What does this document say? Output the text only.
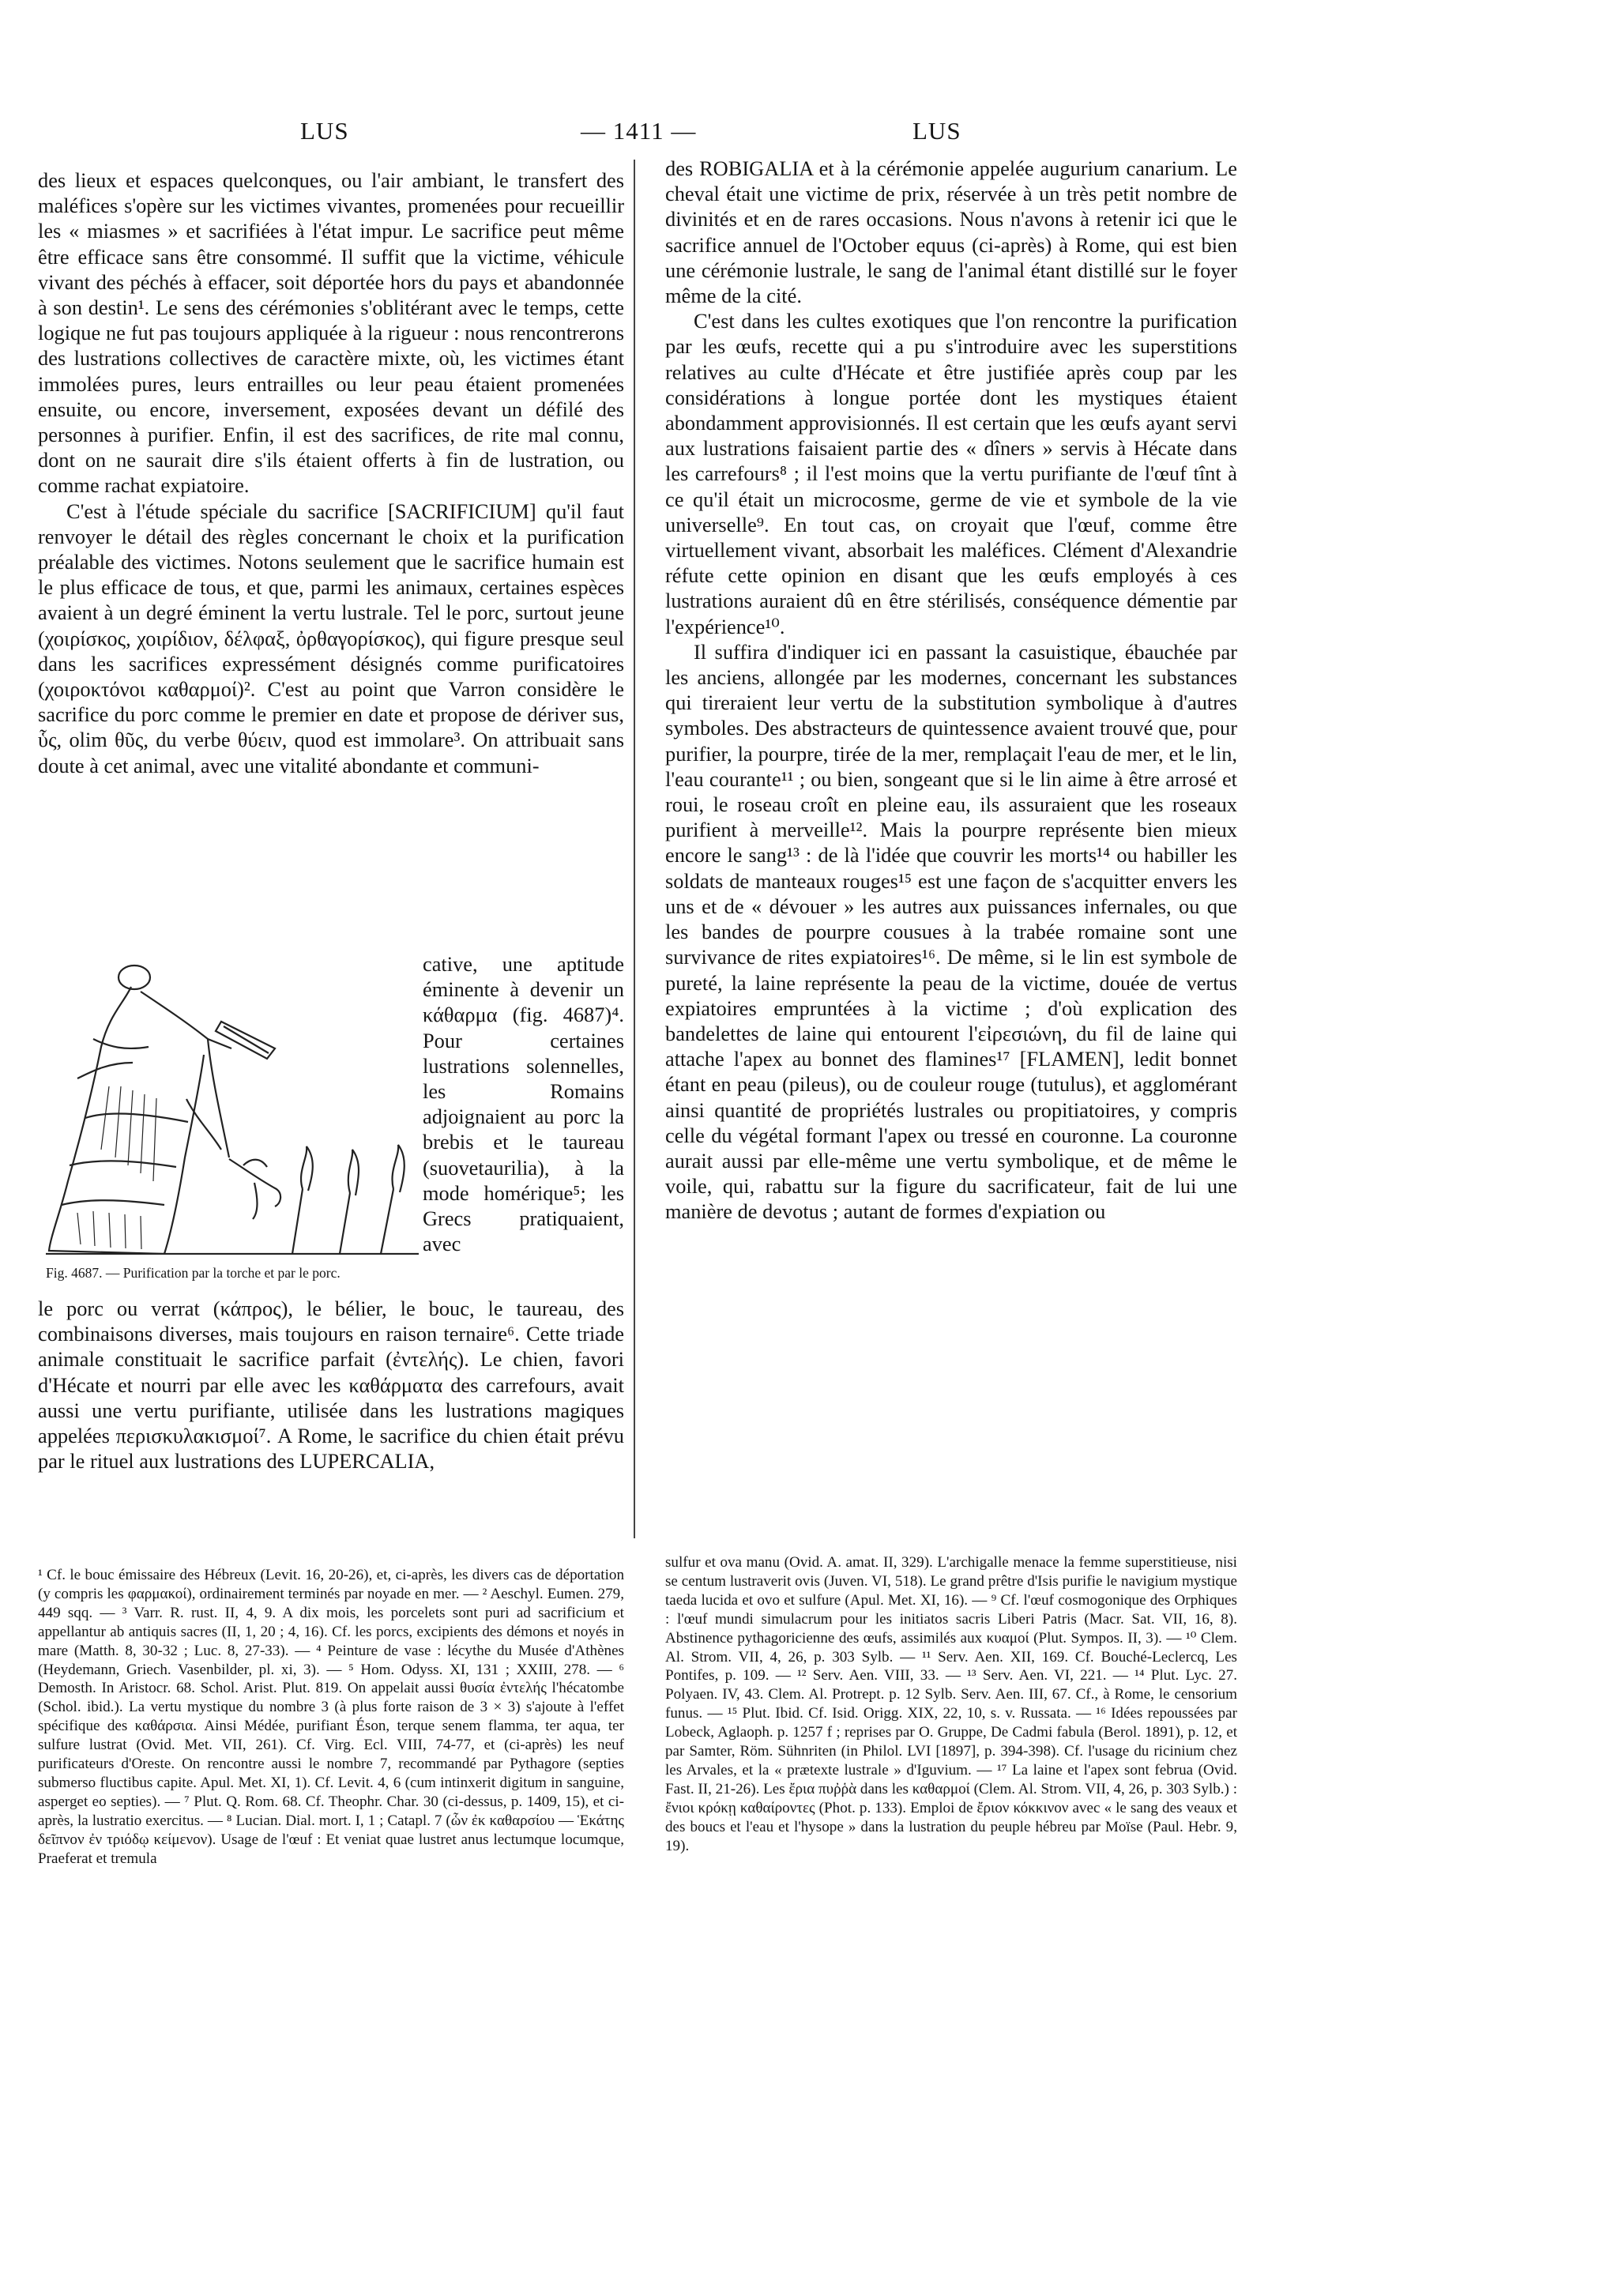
LUS	— 1411 —	LUS

des lieux et espaces quelconques, ou l'air ambiant, le transfert des maléfices s'opère sur les victimes vivantes, promenées pour recueillir les « miasmes » et sacrifiées à l'état impur. Le sacrifice peut même être efficace sans être consommé. Il suffit que la victime, véhicule vivant des péchés à effacer, soit déportée hors du pays et abandonnée à son destin¹. Le sens des cérémonies s'oblitérant avec le temps, cette logique ne fut pas toujours appliquée à la rigueur : nous rencontrerons des lustrations collectives de caractère mixte, où, les victimes étant immolées pures, leurs entrailles ou leur peau étaient promenées ensuite, ou encore, inversement, exposées devant un défilé des personnes à purifier. Enfin, il est des sacrifices, de rite mal connu, dont on ne saurait dire s'ils étaient offerts à fin de lustration, ou comme rachat expiatoire.

C'est à l'étude spéciale du sacrifice [SACRIFICIUM] qu'il faut renvoyer le détail des règles concernant le choix et la purification préalable des victimes. Notons seulement que le sacrifice humain est le plus efficace de tous, et que, parmi les animaux, certaines espèces avaient à un degré éminent la vertu lustrale. Tel le porc, surtout jeune (χοιρίσκος, χοιρίδιον, δέλφαξ, ὀρθαγορίσκος), qui figure presque seul dans les sacrifices expressément désignés comme purificatoires (χοιροκτόνοι καθαρμοί)². C'est au point que Varron considère le sacrifice du porc comme le premier en date et propose de dériver sus, ὗς, olim θῦς, du verbe θύειν, quod est immolare³. On attribuait sans doute à cet animal, avec une vitalité abondante et communi-

Fig. 4687. — Purification par la torche et par le porc.
cative, une aptitude éminente à devenir un κάθαρμα (fig. 4687)⁴. Pour certaines lustrations solennelles, les Romains adjoignaient au porc la brebis et le taureau (suovetaurilia), à la mode homérique⁵; les Grecs pratiquaient, avec

le porc ou verrat (κάπρος), le bélier, le bouc, le taureau, des combinaisons diverses, mais toujours en raison ternaire⁶. Cette triade animale constituait le sacrifice parfait (ἐντελής). Le chien, favori d'Hécate et nourri par elle avec les καθάρματα des carrefours, avait aussi une vertu purifiante, utilisée dans les lustrations magiques appelées περισκυλακισμοί⁷. A Rome, le sacrifice du chien était prévu par le rituel aux lustrations des LUPERCALIA,

des ROBIGALIA et à la cérémonie appelée augurium canarium. Le cheval était une victime de prix, réservée à un très petit nombre de divinités et en de rares occasions. Nous n'avons à retenir ici que le sacrifice annuel de l'October equus (ci-après) à Rome, qui est bien une cérémonie lustrale, le sang de l'animal étant distillé sur le foyer même de la cité.

C'est dans les cultes exotiques que l'on rencontre la purification par les œufs, recette qui a pu s'introduire avec les superstitions relatives au culte d'Hécate et être justifiée après coup par les considérations à longue portée dont les mystiques étaient abondamment approvisionnés. Il est certain que les œufs ayant servi aux lustrations faisaient partie des « dîners » servis à Hécate dans les carrefours⁸ ; il l'est moins que la vertu purifiante de l'œuf tînt à ce qu'il était un microcosme, germe de vie et symbole de la vie universelle⁹. En tout cas, on croyait que l'œuf, comme être virtuellement vivant, absorbait les maléfices. Clément d'Alexandrie réfute cette opinion en disant que les œufs employés à ces lustrations auraient dû en être stérilisés, conséquence démentie par l'expérience¹⁰.

Il suffira d'indiquer ici en passant la casuistique, ébauchée par les anciens, allongée par les modernes, concernant les substances qui tireraient leur vertu de la substitution symbolique à d'autres symboles. Des abstracteurs de quintessence avaient trouvé que, pour purifier, la pourpre, tirée de la mer, remplaçait l'eau de mer, et le lin, l'eau courante¹¹ ; ou bien, songeant que si le lin aime à être arrosé et roui, le roseau croît en pleine eau, ils assuraient que les roseaux purifient à merveille¹². Mais la pourpre représente bien mieux encore le sang¹³ : de là l'idée que couvrir les morts¹⁴ ou habiller les soldats de manteaux rouges¹⁵ est une façon de s'acquitter envers les uns et de « dévouer » les autres aux puissances infernales, ou que les bandes de pourpre cousues à la trabée romaine sont une survivance de rites expiatoires¹⁶. De même, si le lin est symbole de pureté, la laine représente la peau de la victime, douée de vertus expiatoires empruntées à la victime ; d'où explication des bandelettes de laine qui entourent l'εἰρεσιώνη, du fil de laine qui attache l'apex au bonnet des flamines¹⁷ [FLAMEN], ledit bonnet étant en peau (pileus), ou de couleur rouge (tutulus), et agglomérant ainsi quantité de propriétés lustrales ou propitiatoires, y compris celle du végétal formant l'apex ou tressé en couronne. La couronne aurait aussi par elle-même une vertu symbolique, et de même le voile, qui, rabattu sur la figure du sacrificateur, fait de lui une manière de devotus ; autant de formes d'expiation ou

¹ Cf. le bouc émissaire des Hébreux (Levit. 16, 20-26), et, ci-après, les divers cas de déportation (y compris les φαρμακοί), ordinairement terminés par noyade en mer. — ² Aeschyl. Eumen. 279, 449 sqq. — ³ Varr. R. rust. II, 4, 9. A dix mois, les porcelets sont puri ad sacrificium et appellantur ab antiquis sacres (II, 1, 20 ; 4, 16). Cf. les porcs, excipients des démons et noyés in mare (Matth. 8, 30-32 ; Luc. 8, 27-33). — ⁴ Peinture de vase : lécythe du Musée d'Athènes (Heydemann, Griech. Vasenbilder, pl. xi, 3). — ⁵ Hom. Odyss. XI, 131 ; XXIII, 278. — ⁶ Demosth. In Aristocr. 68. Schol. Arist. Plut. 819. On appelait aussi θυσία ἐντελής l'hécatombe (Schol. ibid.). La vertu mystique du nombre 3 (à plus forte raison de 3 × 3) s'ajoute à l'effet spécifique des καθάρσια. Ainsi Médée, purifiant Éson, terque senem flamma, ter aqua, ter sulfure lustrat (Ovid. Met. VII, 261). Cf. Virg. Ecl. VIII, 74-77, et (ci-après) les neuf purificateurs d'Oreste. On rencontre aussi le nombre 7, recommandé par Pythagore (septies submerso fluctibus capite. Apul. Met. XI, 1). Cf. Levit. 4, 6 (cum intinxerit digitum in sanguine, asperget eo septies). — ⁷ Plut. Q. Rom. 68. Cf. Theophr. Char. 30 (ci-dessus, p. 1409, 15), et ci-après, la lustratio exercitus. — ⁸ Lucian. Dial. mort. I, 1 ; Catapl. 7 (ὧν ἐκ καθαρσίου — Ἑκάτης δεῖπνον ἐν τριόδῳ κείμενον). Usage de l'œuf : Et veniat quae lustret anus lectumque locumque, Praeferat et tremula

sulfur et ova manu (Ovid. A. amat. II, 329). L'archigalle menace la femme superstitieuse, nisi se centum lustraverit ovis (Juven. VI, 518). Le grand prêtre d'Isis purifie le navigium mystique taeda lucida et ovo et sulfure (Apul. Met. XI, 16). — ⁹ Cf. l'œuf cosmogonique des Orphiques : l'œuf mundi simulacrum pour les initiatos sacris Liberi Patris (Macr. Sat. VII, 16, 8). Abstinence pythagoricienne des œufs, assimilés aux κυαμοί (Plut. Sympos. II, 3). — ¹⁰ Clem. Al. Strom. VII, 4, 26, p. 303 Sylb. — ¹¹ Serv. Aen. XII, 169. Cf. Bouché-Leclercq, Les Pontifes, p. 109. — ¹² Serv. Aen. VIII, 33. — ¹³ Serv. Aen. VI, 221. — ¹⁴ Plut. Lyc. 27. Polyaen. IV, 43. Clem. Al. Protrept. p. 12 Sylb. Serv. Aen. III, 67. Cf., à Rome, le censorium funus. — ¹⁵ Plut. Ibid. Cf. Isid. Origg. XIX, 22, 10, s. v. Russata. — ¹⁶ Idées repoussées par Lobeck, Aglaoph. p. 1257 f ; reprises par O. Gruppe, De Cadmi fabula (Berol. 1891), p. 12, et par Samter, Röm. Sühnriten (in Philol. LVI [1897], p. 394-398). Cf. l'usage du ricinium chez les Arvales, et la « prætexte lustrale » d'Iguvium. — ¹⁷ La laine et l'apex sont februa (Ovid. Fast. II, 21-26). Les ἔρια πυῤῥὰ dans les καθαρμοί (Clem. Al. Strom. VII, 4, 26, p. 303 Sylb.) : ἔνιοι κρόκῃ καθαίροντες (Phot. p. 133). Emploi de ἔριον κόκκινον avec « le sang des veaux et des boucs et l'eau et l'hysope » dans la lustration du peuple hébreu par Moïse (Paul. Hebr. 9, 19).
